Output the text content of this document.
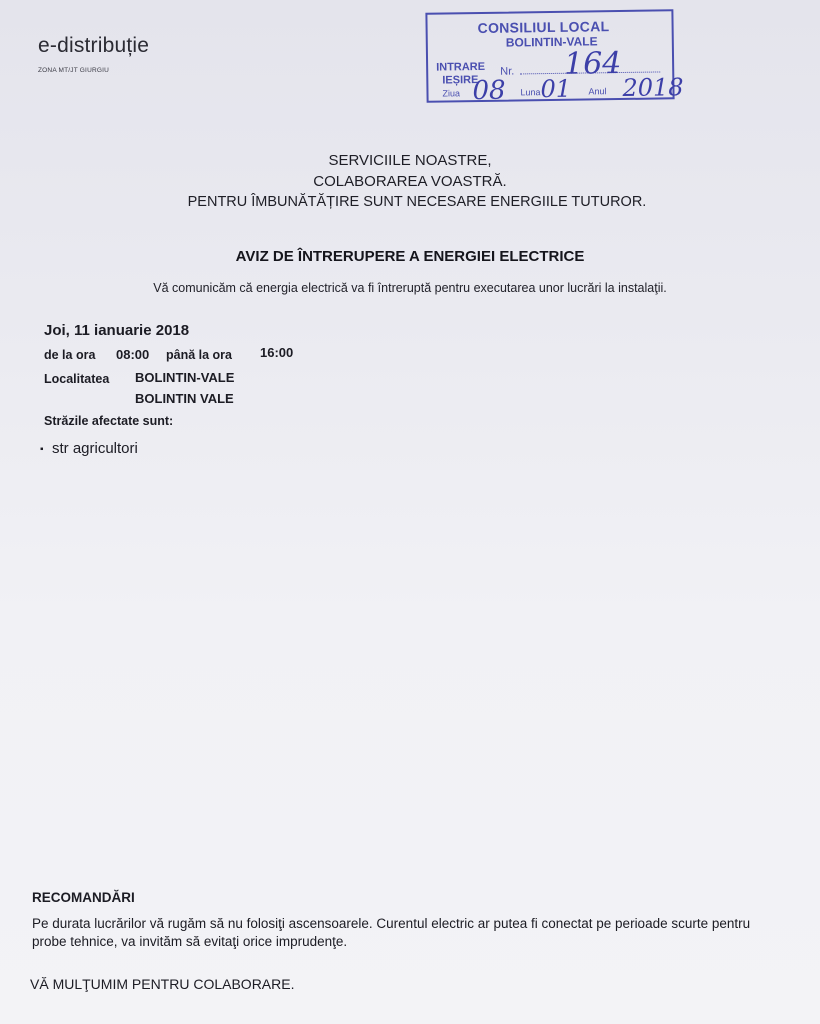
e-distribuție
ZONA MT/JT GIURGIU
CONSILIUL LOCAL
BOLINTIN-VALE
INTRARE
IEȘIRE
Nr.
Ziua	Luna	Anul
164
08 01 2018
SERVICIILE NOASTRE,
COLABORAREA VOASTRĂ.
PENTRU ÎMBUNĂTĂȚIRE SUNT NECESARE ENERGIILE TUTUROR.
AVIZ DE ÎNTRERUPERE A ENERGIEI ELECTRICE
Vă comunicăm că energia electrică va fi întreruptă pentru executarea unor lucrări la instalaţii.
Joi, 11 ianuarie 2018
de la ora 08:00 până la ora 16:00
Localitatea BOLINTIN-VALE
BOLINTIN VALE
Străzile afectate sunt:
▪ str agricultori
RECOMANDĂRI
Pe durata lucrărilor vă rugăm să nu folosiţi ascensoarele. Curentul electric ar putea fi conectat pe perioade scurte pentru probe tehnice, va invităm să evitaţi orice imprudenţe.
VĂ MULŢUMIM PENTRU COLABORARE.
